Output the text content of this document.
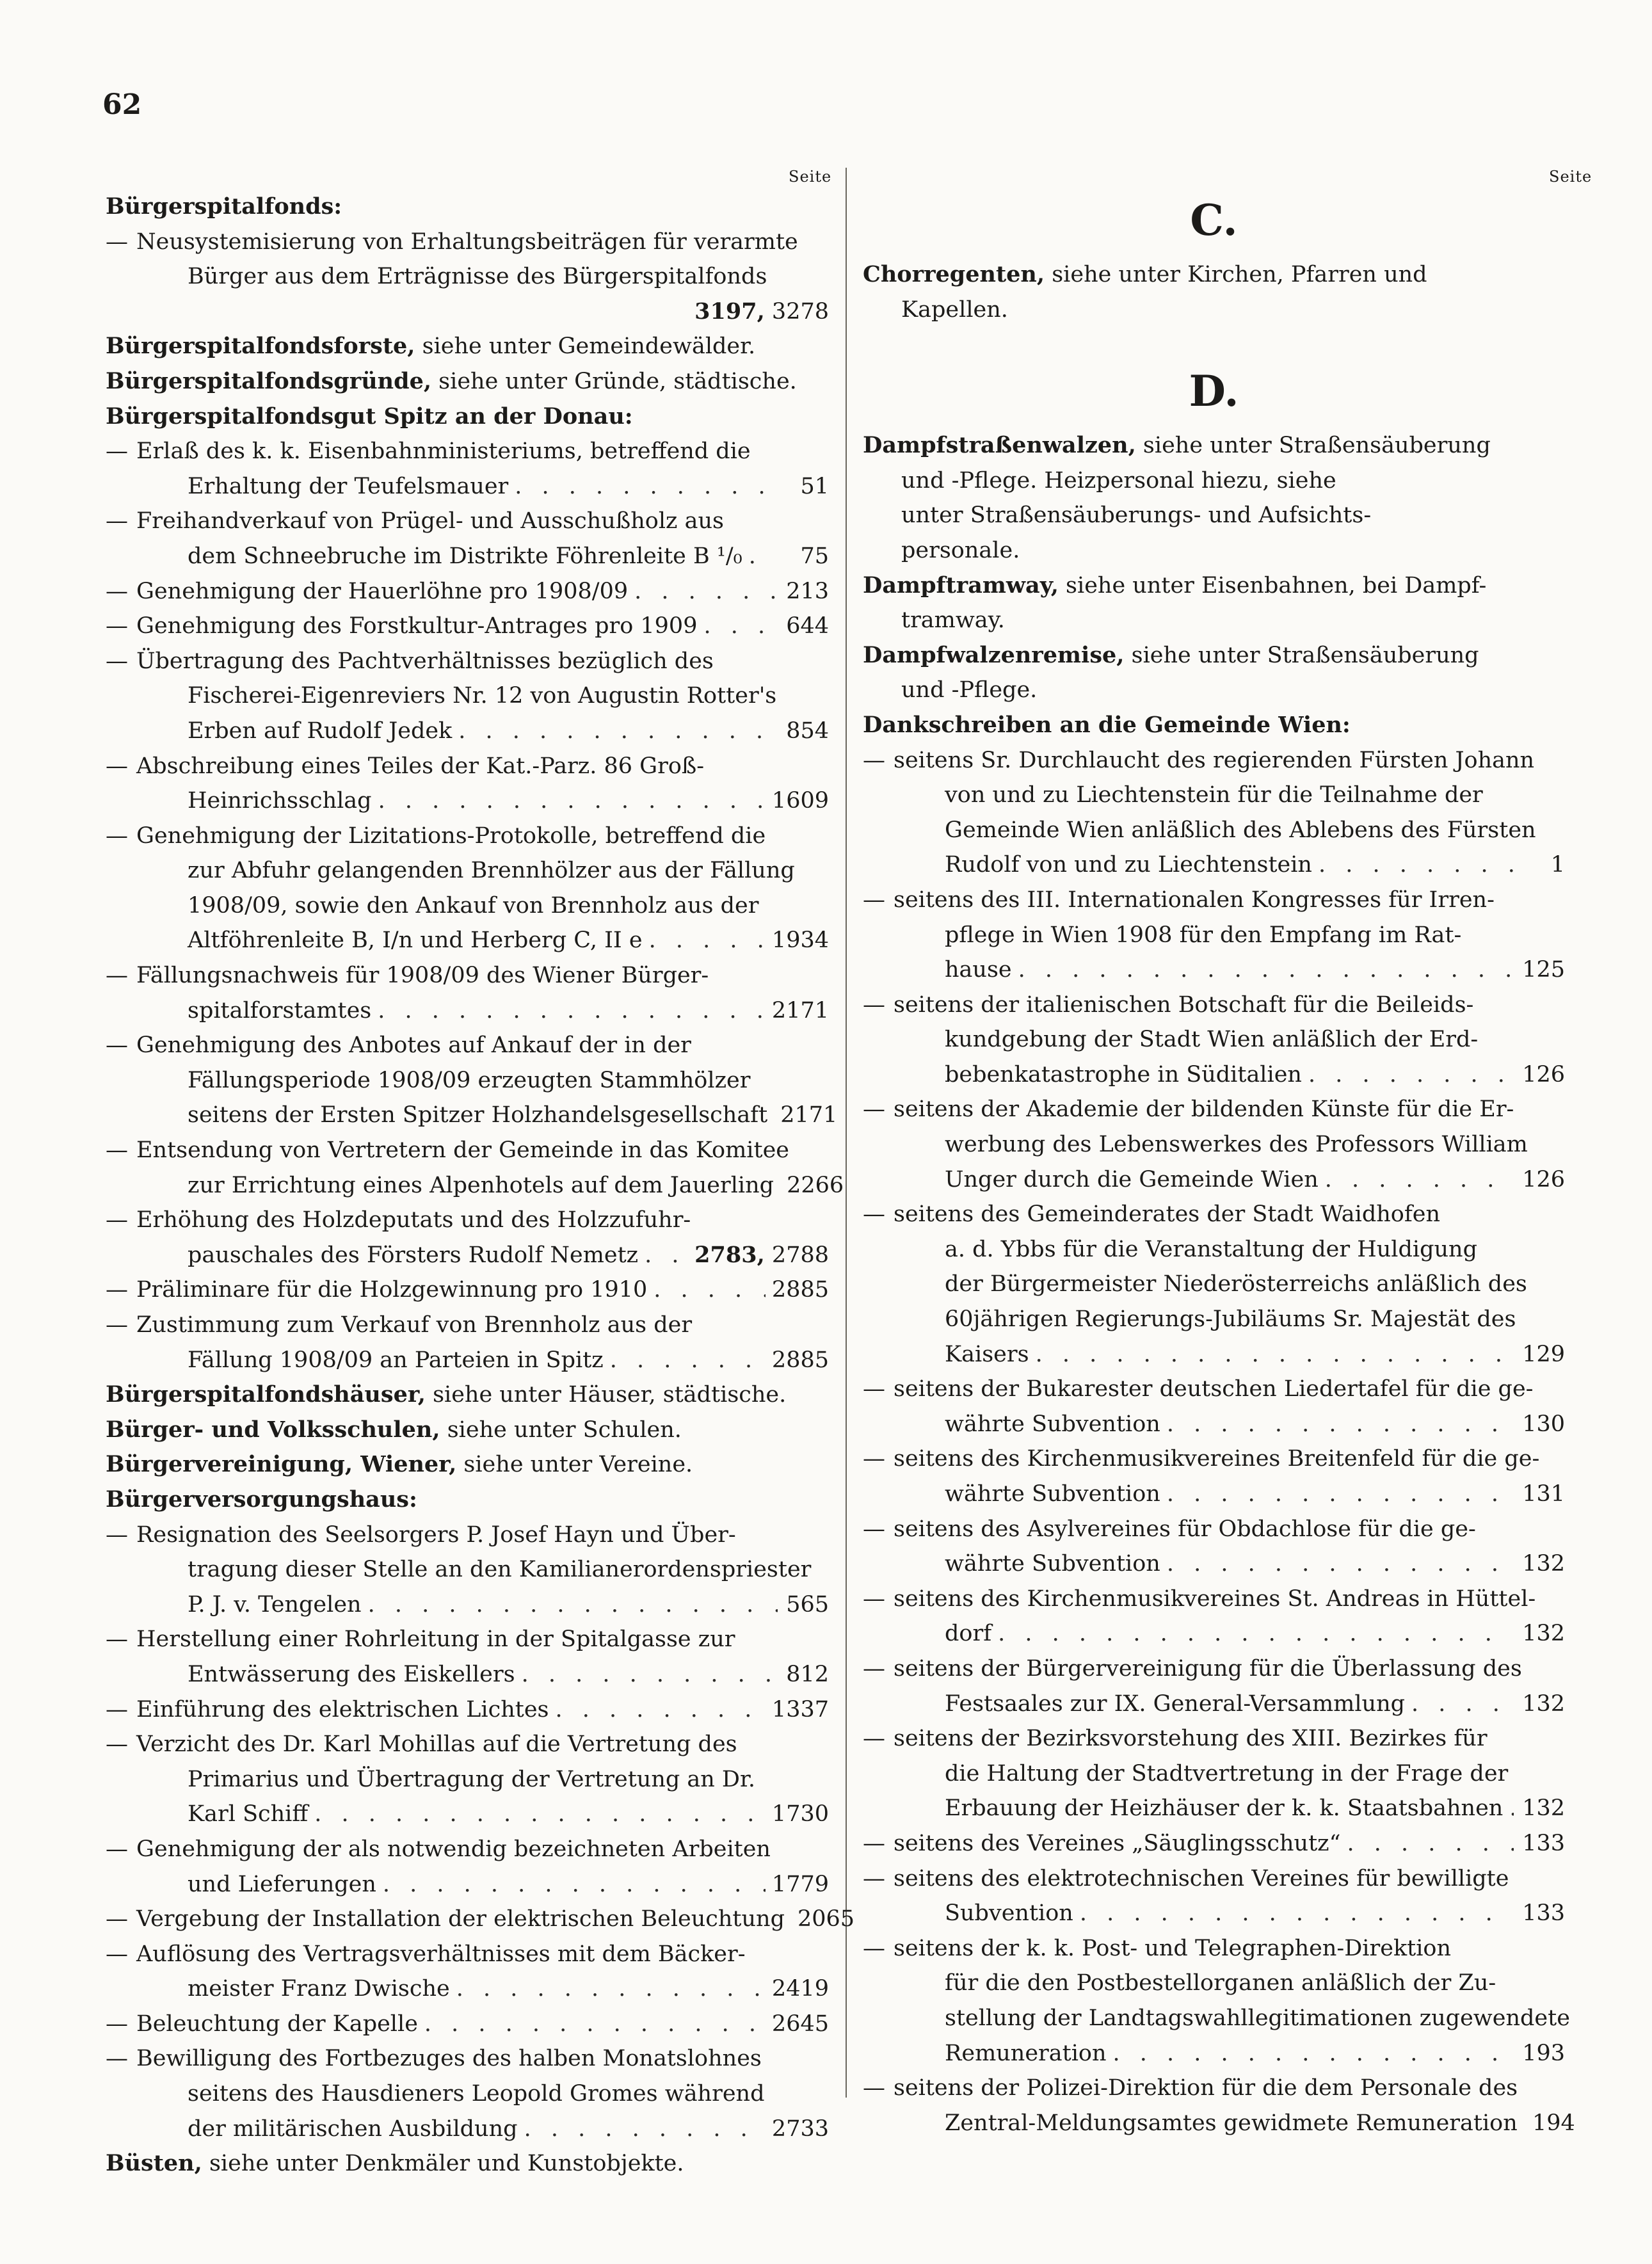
62
Seite	Seite
Bürgerspitalfonds:
— Neusystemisierung von Erhaltungsbeiträgen für verarmte
Bürger aus dem Erträgnisse des Bürgerspitalfonds
3197, 3278
Bürgerspitalfondsforste, siehe unter Gemeindewälder.
Bürgerspitalfondsgründe, siehe unter Gründe, städtische.
Bürgerspitalfondsgut Spitz an der Donau:
— Erlaß des k. k. Eisenbahnministeriums, betreffend die
Erhaltung der Teufelsmauer . . .	51
— Freihandverkauf von Prügel- und Ausschußholz aus
dem Schneebruche im Distrikte Föhrenleite B ¹/₀ . . .	75
— Genehmigung der Hauerlöhne pro 1908/09 . . .	213
— Genehmigung des Forstkultur-Antrages pro 1909 . . .	644
— Übertragung des Pachtverhältnisses bezüglich des
Fischerei-Eigenreviers Nr. 12 von Augustin Rotter's
Erben auf Rudolf Jedek . . .	854
— Abschreibung eines Teiles der Kat.-Parz. 86 Groß-
Heinrichsschlag . . .	1609
— Genehmigung der Lizitations-Protokolle, betreffend die
zur Abfuhr gelangenden Brennhölzer aus der Fällung
1908/09, sowie den Ankauf von Brennholz aus der
Altföhrenleite B, I/n und Herberg C, II e . . .	1934
— Fällungsnachweis für 1908/09 des Wiener Bürger-
spitalforstamtes . . .	2171
— Genehmigung des Anbotes auf Ankauf der in der
Fällungsperiode 1908/09 erzeugten Stammhölzer
seitens der Ersten Spitzer Holzhandelsgesellschaft 2171
— Entsendung von Vertretern der Gemeinde in das Komitee
zur Errichtung eines Alpenhotels auf dem Jauerling 2266
— Erhöhung des Holzdeputats und des Holzzufuhr-
pauschales des Försters Rudolf Nemetz . . .	2783, 2788
— Präliminare für die Holzgewinnung pro 1910 . . .	2885
— Zustimmung zum Verkauf von Brennholz aus der
Fällung 1908/09 an Parteien in Spitz . . .	2885
Bürgerspitalfondshäuser, siehe unter Häuser, städtische.
Bürger- und Volksschulen, siehe unter Schulen.
Bürgervereinigung, Wiener, siehe unter Vereine.
Bürgerversorgungshaus:
— Resignation des Seelsorgers P. Josef Hayn und Über-
tragung dieser Stelle an den Kamilianerordenspriester
P. J. v. Tengelen . . .	565
— Herstellung einer Rohrleitung in der Spitalgasse zur
Entwässerung des Eiskellers . . .	812
— Einführung des elektrischen Lichtes . . .	1337
— Verzicht des Dr. Karl Mohillas auf die Vertretung des
Primarius und Übertragung der Vertretung an Dr.
Karl Schiff . . .	1730
— Genehmigung der als notwendig bezeichneten Arbeiten
und Lieferungen . . .	1779
— Vergebung der Installation der elektrischen Beleuchtung 2065
— Auflösung des Vertragsverhältnisses mit dem Bäcker-
meister Franz Dwische . . .	2419
— Beleuchtung der Kapelle . . .	2645
— Bewilligung des Fortbezuges des halben Monatslohnes
seitens des Hausdieners Leopold Gromes während
der militärischen Ausbildung . . .	2733
Büsten, siehe unter Denkmäler und Kunstobjekte.
C.
Chorregenten, siehe unter Kirchen, Pfarren und
Kapellen.
D.
Dampfstraßenwalzen, siehe unter Straßensäuberung
und -Pflege. Heizpersonal hiezu, siehe
unter Straßensäuberungs- und Aufsichts-
personale.
Dampftramway, siehe unter Eisenbahnen, bei Dampf-
tramway.
Dampfwalzenremise, siehe unter Straßensäuberung
und -Pflege.
Dankschreiben an die Gemeinde Wien:
— seitens Sr. Durchlaucht des regierenden Fürsten Johann
von und zu Liechtenstein für die Teilnahme der
Gemeinde Wien anläßlich des Ablebens des Fürsten
Rudolf von und zu Liechtenstein . . .	1
— seitens des III. Internationalen Kongresses für Irren-
pflege in Wien 1908 für den Empfang im Rat-
hause . . .	125
— seitens der italienischen Botschaft für die Beileids-
kundgebung der Stadt Wien anläßlich der Erd-
bebenkatastrophe in Süditalien . . .	126
— seitens der Akademie der bildenden Künste für die Er-
werbung des Lebenswerkes des Professors William
Unger durch die Gemeinde Wien . . .	126
— seitens des Gemeinderates der Stadt Waidhofen
a. d. Ybbs für die Veranstaltung der Huldigung
der Bürgermeister Niederösterreichs anläßlich des
60jährigen Regierungs-Jubiläums Sr. Majestät des
Kaisers . . .	129
— seitens der Bukarester deutschen Liedertafel für die ge-
währte Subvention . . .	130
— seitens des Kirchenmusikvereines Breitenfeld für die ge-
währte Subvention . . .	131
— seitens des Asylvereines für Obdachlose für die ge-
währte Subvention . . .	132
— seitens des Kirchenmusikvereines St. Andreas in Hüttel-
dorf . . .	132
— seitens der Bürgervereinigung für die Überlassung des
Festsaales zur IX. General-Versammlung . . .	132
— seitens der Bezirksvorstehung des XIII. Bezirkes für
die Haltung der Stadtvertretung in der Frage der
Erbauung der Heizhäuser der k. k. Staatsbahnen . . . 132
— seitens des Vereines „Säuglingsschutz“ . . .	133
— seitens des elektrotechnischen Vereines für bewilligte
Subvention . . .	133
— seitens der k. k. Post- und Telegraphen-Direktion
für die den Postbestellorganen anläßlich der Zu-
stellung der Landtagswahllegitimationen zugewendete
Remuneration . . .	193
— seitens der Polizei-Direktion für die dem Personale des
Zentral-Meldungsamtes gewidmete Remuneration 194
